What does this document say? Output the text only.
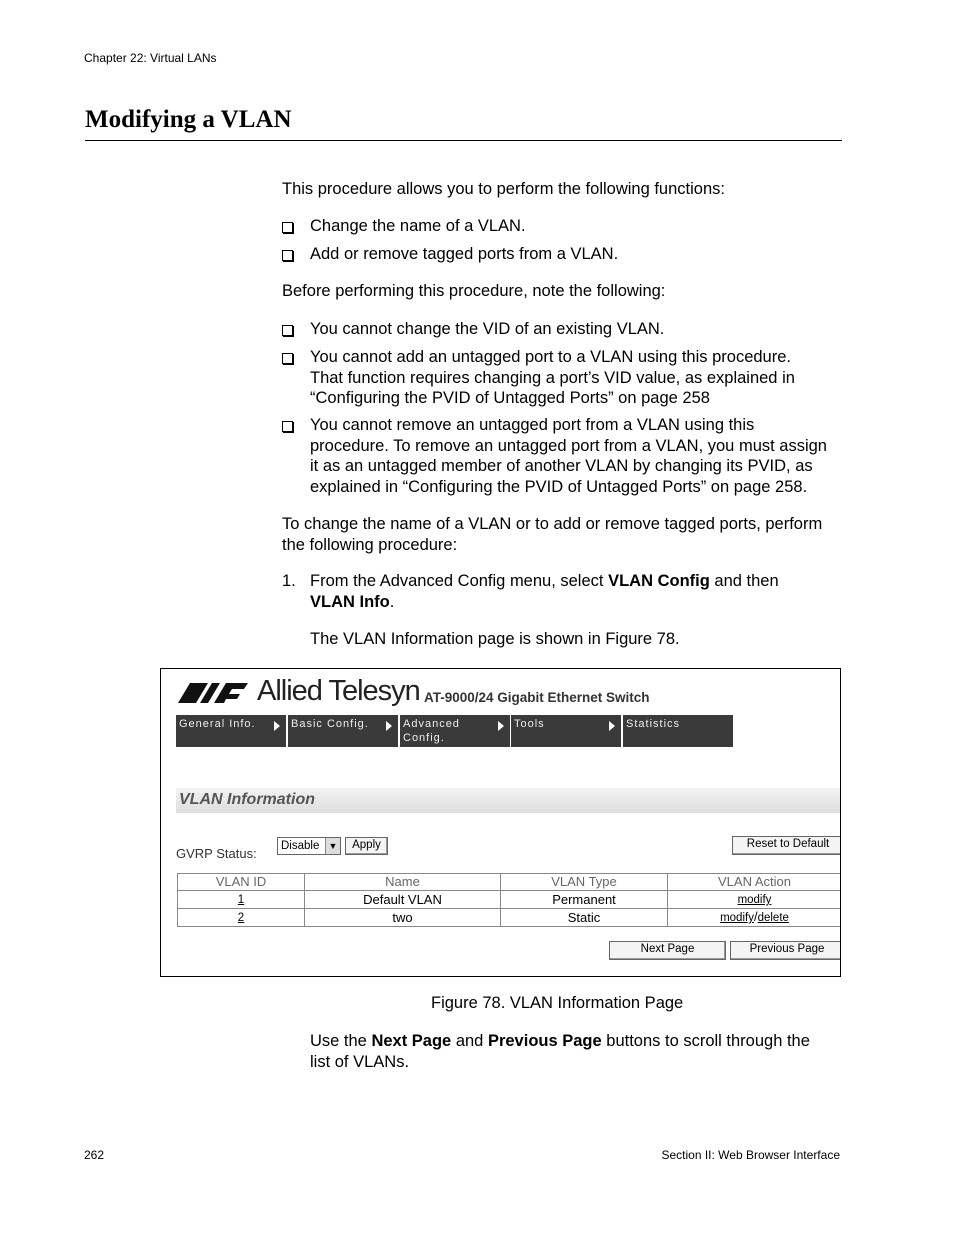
Chapter 22: Virtual LANs
Modifying a VLAN
This procedure allows you to perform the following functions:
Change the name of a VLAN.
Add or remove tagged ports from a VLAN.
Before performing this procedure, note the following:
You cannot change the VID of an existing VLAN.
You cannot add an untagged port to a VLAN using this procedure.
That function requires changing a port’s VID value, as explained in
“Configuring the PVID of Untagged Ports” on page 258
You cannot remove an untagged port from a VLAN using this
procedure. To remove an untagged port from a VLAN, you must assign
it as an untagged member of another VLAN by changing its PVID, as
explained in “Configuring the PVID of Untagged Ports” on page 258.
To change the name of a VLAN or to add or remove tagged ports, perform
the following procedure:
1. From the Advanced Config menu, select VLAN Config and then
VLAN Info.
The VLAN Information page is shown in Figure 78.
Allied Telesyn AT-9000/24 Gigabit Ethernet Switch
General Info.	Basic Config.	Advanced
Config.
Tools	Statistics
VLAN Information
GVRP Status:	Disable	▼	Apply	Reset to Default
VLAN ID	Name	VLAN Type	VLAN Action
1	Default VLAN	Permanent	modify
2	two	Static	modify/delete
Next Page	Previous Page
Figure 78. VLAN Information Page
Use the Next Page and Previous Page buttons to scroll through the
list of VLANs.
262	Section II: Web Browser Interface
